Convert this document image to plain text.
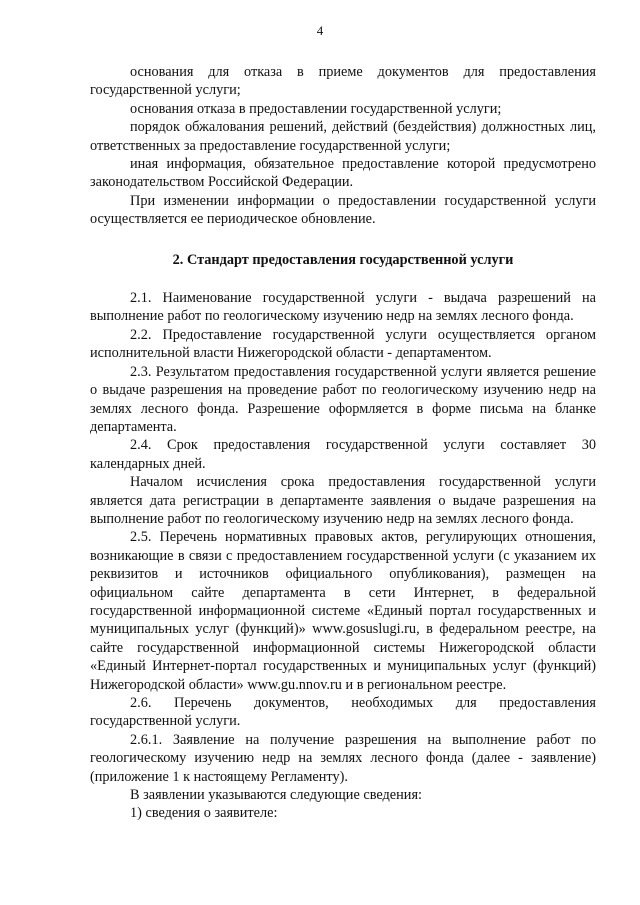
4

основания для отказа в приеме документов для предоставления государственной услуги;

основания отказа в предоставлении государственной услуги;

порядок обжалования решений, действий (бездействия) должностных лиц, ответственных за предоставление государственной услуги;

иная информация, обязательное предоставление которой предусмотрено законодательством Российской Федерации.

При изменении информации о предоставлении государственной услуги осуществляется ее периодическое обновление.

2. Стандарт предоставления государственной услуги

2.1. Наименование государственной услуги - выдача разрешений на выполнение работ по геологическому изучению недр на землях лесного фонда.

2.2. Предоставление государственной услуги осуществляется органом исполнительной власти Нижегородской области - департаментом.

2.3. Результатом предоставления государственной услуги является решение о выдаче разрешения на проведение работ по геологическому изучению недр на землях лесного фонда. Разрешение оформляется в форме письма на бланке департамента.

2.4. Срок предоставления государственной услуги составляет 30 календарных дней.

Началом исчисления срока предоставления государственной услуги является дата регистрации в департаменте заявления о выдаче разрешения на выполнение работ по геологическому изучению недр на землях лесного фонда.

2.5. Перечень нормативных правовых актов, регулирующих отношения, возникающие в связи с предоставлением государственной услуги (с указанием их реквизитов и источников официального опубликования), размещен на официальном сайте департамента в сети Интернет, в федеральной государственной информационной системе «Единый портал государственных и муниципальных услуг (функций)» www.gosuslugi.ru, в федеральном реестре, на сайте государственной информационной системы Нижегородской области «Единый Интернет-портал государственных и муниципальных услуг (функций) Нижегородской области» www.gu.nnov.ru и в региональном реестре.

2.6. Перечень документов, необходимых для предоставления государственной услуги.

2.6.1. Заявление на получение разрешения на выполнение работ по геологическому изучению недр на землях лесного фонда (далее - заявление) (приложение 1 к настоящему Регламенту).

В заявлении указываются следующие сведения:

1) сведения о заявителе:
